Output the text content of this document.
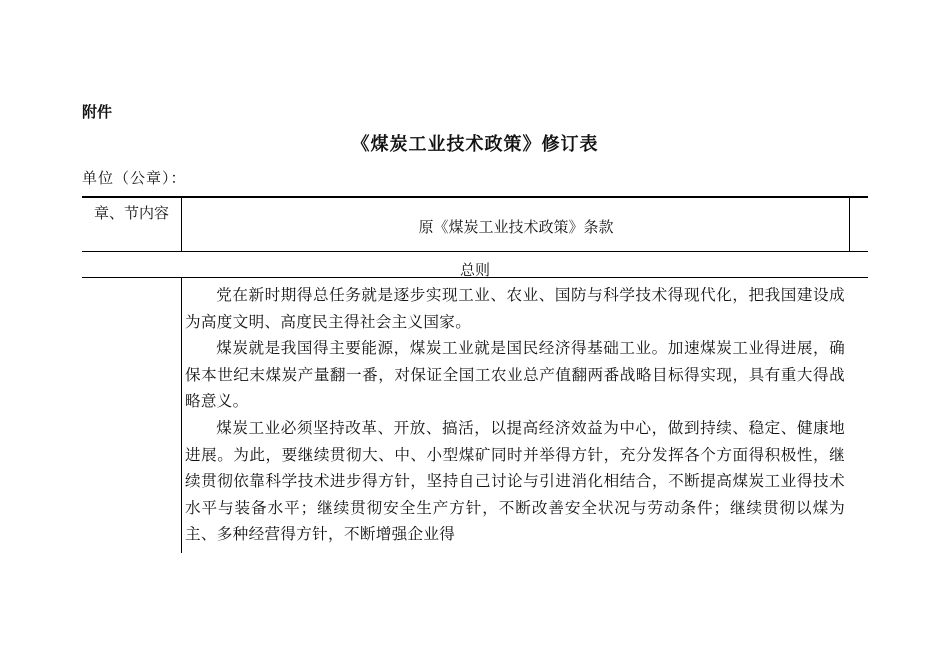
附件
《煤炭工业技术政策》修订表
单位（公章）：
章、节内容
原《煤炭工业技术政策》条款
总则

党在新时期得总任务就是逐步实现工业、农业、国防与科学技术得现代化，把我国建设成为高度文明、高度民主得社会主义国家。

煤炭就是我国得主要能源，煤炭工业就是国民经济得基础工业。加速煤炭工业得进展，确保本世纪末煤炭产量翻一番，对保证全国工农业总产值翻两番战略目标得实现，具有重大得战略意义。

煤炭工业必须坚持改革、开放、搞活，以提高经济效益为中心，做到持续、稳定、健康地进展。为此，要继续贯彻大、中、小型煤矿同时并举得方针，充分发挥各个方面得积极性，继续贯彻依靠科学技术进步得方针，坚持自己讨论与引进消化相结合，不断提高煤炭工业得技术水平与装备水平；继续贯彻安全生产方针，不断改善安全状况与劳动条件；继续贯彻以煤为主、多种经营得方针，不断增强企业得
